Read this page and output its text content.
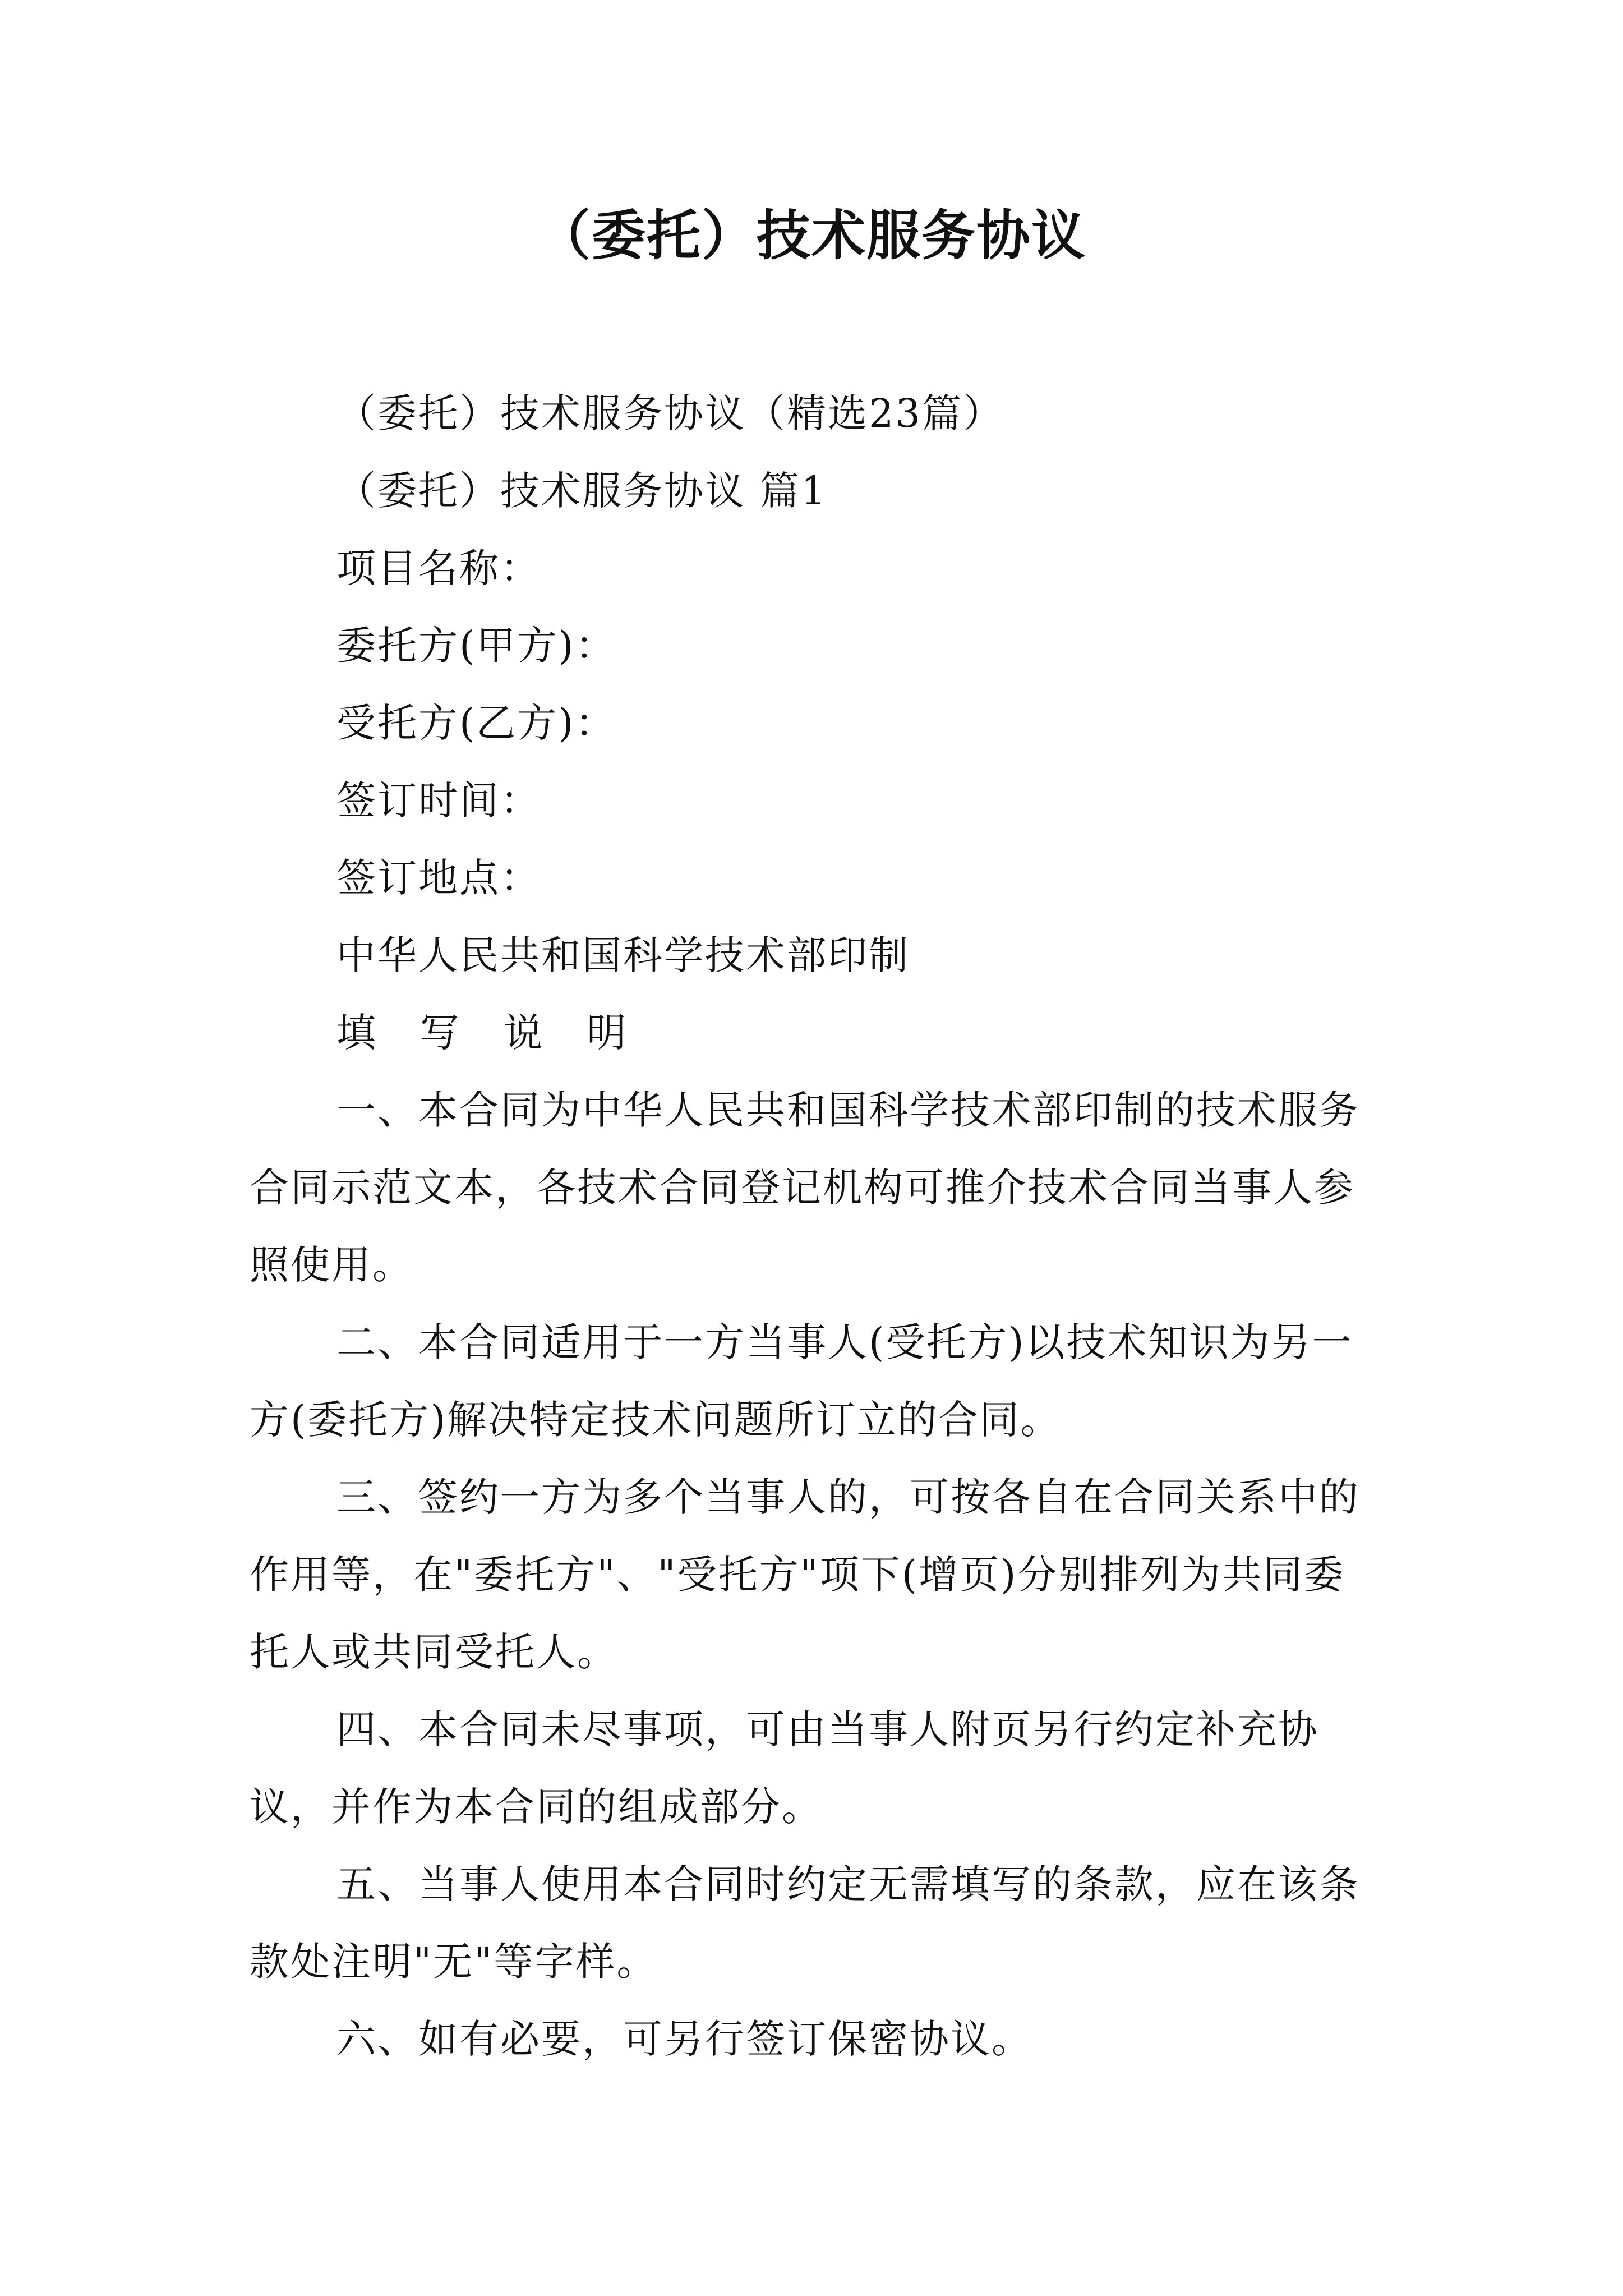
（委托）技术服务协议

（委托）技术服务协议（精选23篇）

（委托）技术服务协议 篇1

项目名称：

委托方(甲方)：

受托方(乙方)：

签订时间：

签订地点：

中华人民共和国科学技术部印制

填   写   说   明

一、本合同为中华人民共和国科学技术部印制的技术服务合同示范文本，各技术合同登记机构可推介技术合同当事人参照使用。

二、本合同适用于一方当事人(受托方)以技术知识为另一方(委托方)解决特定技术问题所订立的合同。

三、签约一方为多个当事人的，可按各自在合同关系中的作用等，在"委托方"、"受托方"项下(增页)分别排列为共同委托人或共同受托人。

四、本合同未尽事项，可由当事人附页另行约定补充协议，并作为本合同的组成部分。

五、当事人使用本合同时约定无需填写的条款，应在该条款处注明"无"等字样。

六、如有必要，可另行签订保密协议。
